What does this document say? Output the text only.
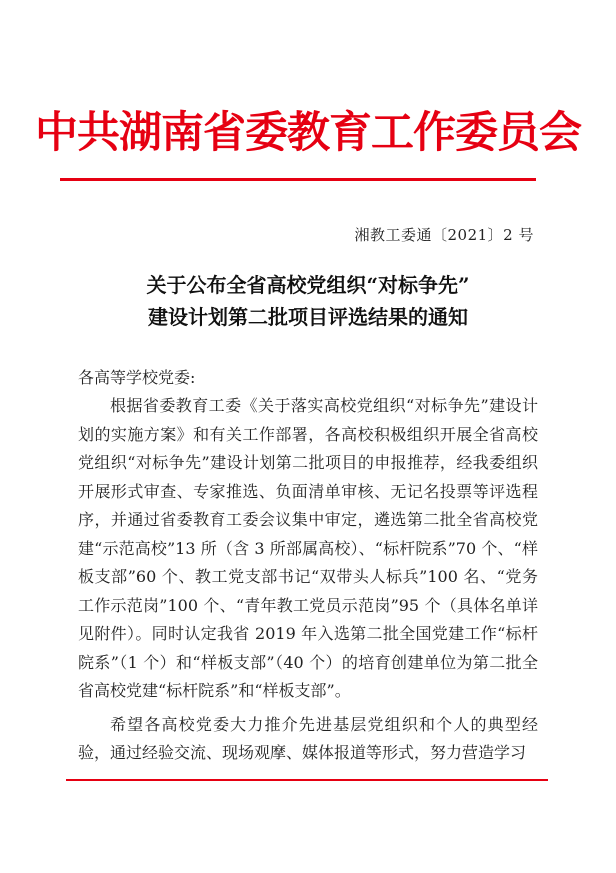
中共湖南省委教育工作委员会
湘教工委通〔2021〕2 号
关于公布全省高校党组织“对标争先”
建设计划第二批项目评选结果的通知
各高等学校党委:

根据省委教育工委《关于落实高校党组织“对标争先”建设计划的实施方案》和有关工作部署，各高校积极组织开展全省高校党组织“对标争先”建设计划第二批项目的申报推荐，经我委组织开展形式审查、专家推选、负面清单审核、无记名投票等评选程序，并通过省委教育工委会议集中审定，遴选第二批全省高校党建“示范高校”13 所（含 3 所部属高校）、“标杆院系”70 个、“样板支部”60 个、教工党支部书记“双带头人标兵”100 名、“党务工作示范岗”100 个、“青年教工党员示范岗”95 个（具体名单详见附件）。同时认定我省 2019 年入选第二批全国党建工作“标杆院系”（1 个）和“样板支部”（40 个）的培育创建单位为第二批全省高校党建“标杆院系”和“样板支部”。

希望各高校党委大力推介先进基层党组织和个人的典型经验，通过经验交流、现场观摩、媒体报道等形式，努力营造学习
